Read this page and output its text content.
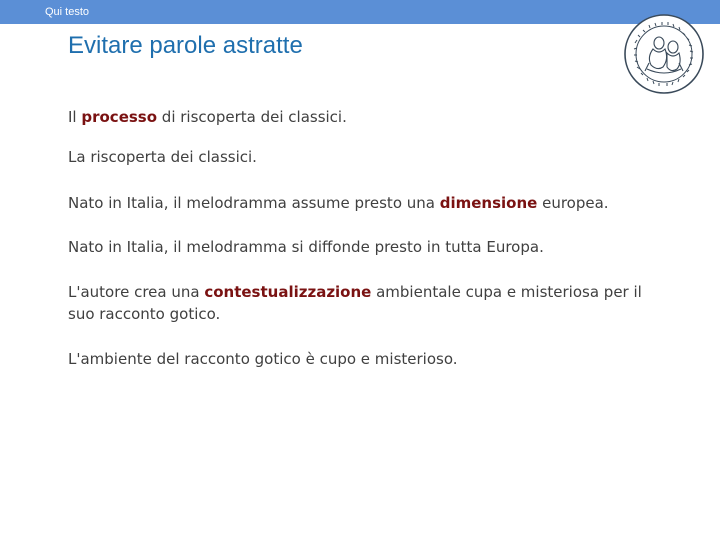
Qui testo
Evitare parole astratte

Il processo di riscoperta dei classici.

La riscoperta dei classici.

Nato in Italia, il melodramma assume presto una dimensione europea.

Nato in Italia, il melodramma si diffonde presto in tutta Europa.

L'autore crea una contestualizzazione ambientale cupa e misteriosa per il suo racconto gotico.

L'ambiente del racconto gotico è cupo e misterioso.
